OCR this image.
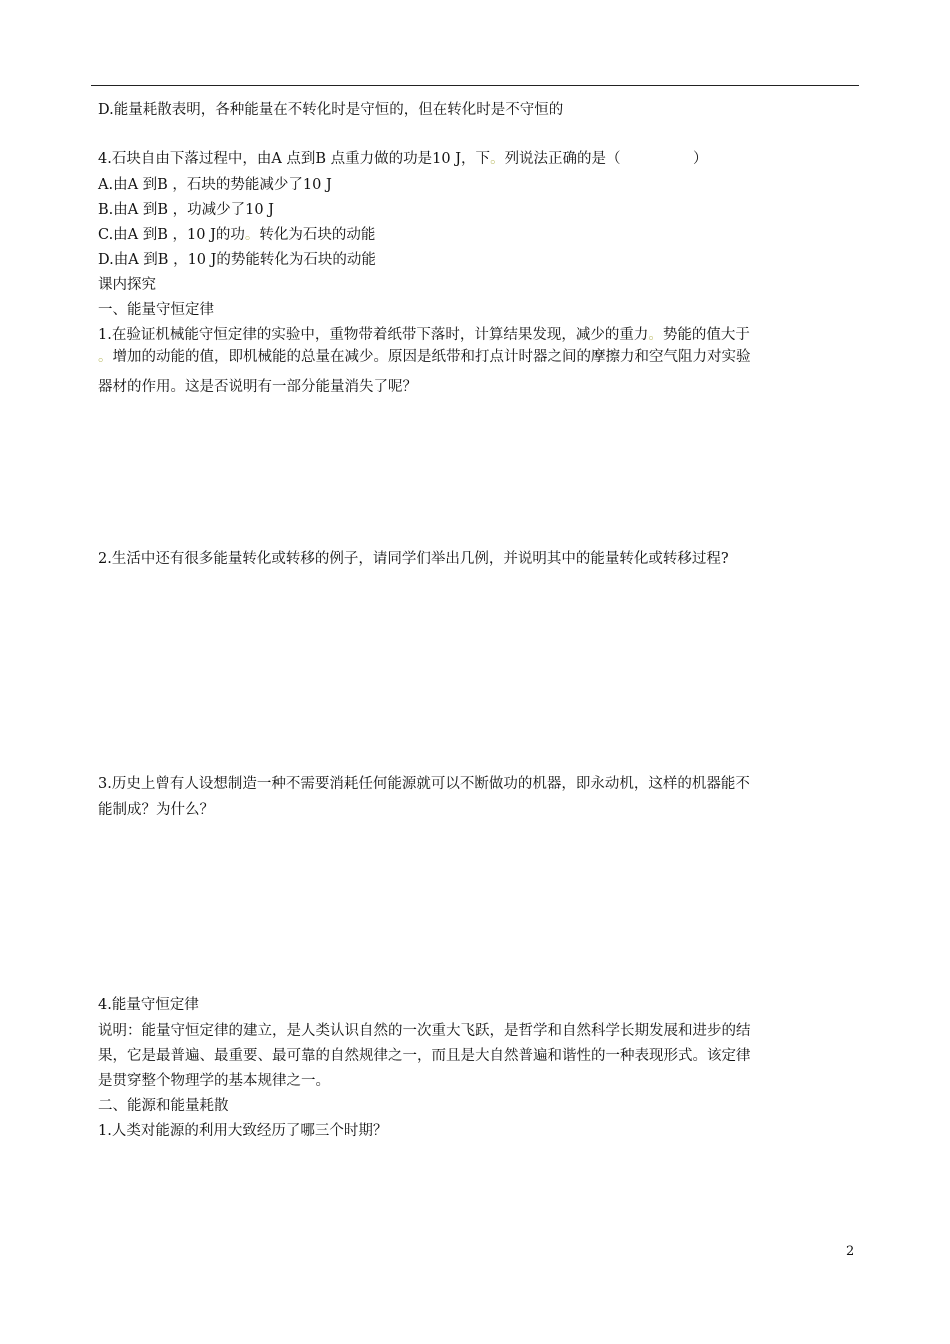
D.能量耗散表明，各种能量在不转化时是守恒的，但在转化时是不守恒的
4.石块自由下落过程中，由A 点到B 点重力做的功是10 J，下。列说法正确的是（　　　　　）
A.由A 到B ，石块的势能减少了10 J
B.由A 到B ，功减少了10 J
C.由A 到B ，10 J的功。转化为石块的动能
D.由A 到B ，10 J的势能转化为石块的动能
课内探究
一、能量守恒定律
1.在验证机械能守恒定律的实验中，重物带着纸带下落时，计算结果发现，减少的重力。势能的值大于
。增加的动能的值，即机械能的总量在减少。原因是纸带和打点计时器之间的摩擦力和空气阻力对实验
器材的作用。这是否说明有一部分能量消失了呢？
2.生活中还有很多能量转化或转移的例子，请同学们举出几例，并说明其中的能量转化或转移过程?
3.历史上曾有人设想制造一种不需要消耗任何能源就可以不断做功的机器，即永动机，这样的机器能不
能制成？为什么？
4.能量守恒定律
说明：能量守恒定律的建立，是人类认识自然的一次重大飞跃，是哲学和自然科学长期发展和进步的结
果，它是最普遍、最重要、最可靠的自然规律之一，而且是大自然普遍和谐性的一种表现形式。该定律
是贯穿整个物理学的基本规律之一。
二、能源和能量耗散
1.人类对能源的利用大致经历了哪三个时期？
2
